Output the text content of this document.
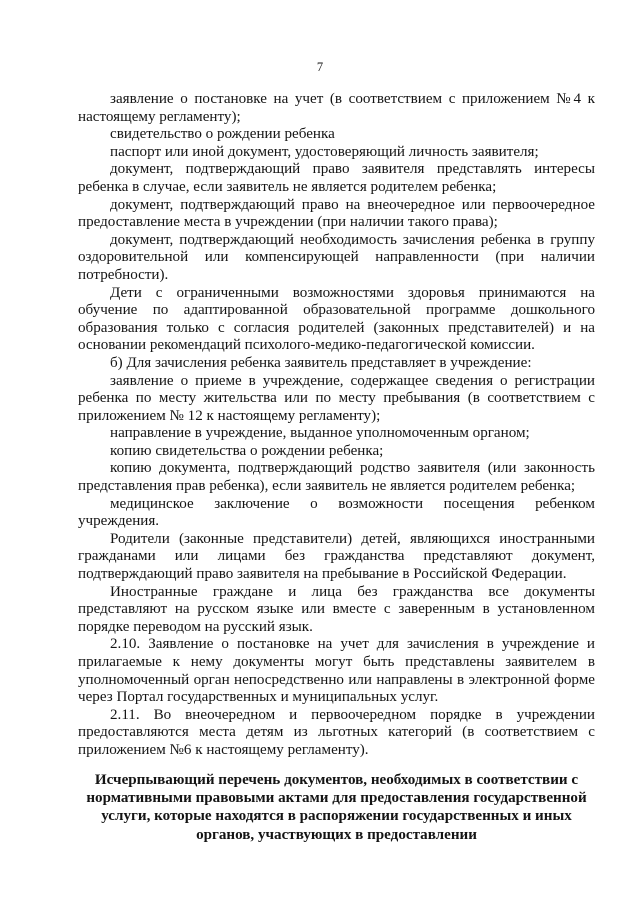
7

заявление о постановке на учет (в соответствием с приложением №4 к настоящему регламенту);

свидетельство о рождении ребенка

паспорт или иной документ, удостоверяющий личность заявителя;

документ, подтверждающий право заявителя представлять интересы ребенка в случае, если заявитель не является родителем ребенка;

документ, подтверждающий право на внеочередное или первоочередное предоставление места в учреждении (при наличии такого права);

документ, подтверждающий необходимость зачисления ребенка в группу оздоровительной или компенсирующей направленности (при наличии потребности).

Дети с ограниченными возможностями здоровья принимаются на обучение по адаптированной образовательной программе дошкольного образования только с согласия родителей (законных представителей) и на основании рекомендаций психолого-медико-педагогической комиссии.

б) Для зачисления ребенка заявитель представляет в учреждение:

заявление о приеме в учреждение, содержащее сведения о регистрации ребенка по месту жительства или по месту пребывания (в соответствием с приложением № 12 к настоящему регламенту);

направление в учреждение, выданное уполномоченным органом;

копию свидетельства о рождении ребенка;

копию документа, подтверждающий родство заявителя (или законность представления прав ребенка), если заявитель не является родителем ребенка;

медицинское заключение о возможности посещения ребенком учреждения.

Родители (законные представители) детей, являющихся иностранными гражданами или лицами без гражданства представляют документ, подтверждающий право заявителя на пребывание в Российской Федерации.

Иностранные граждане и лица без гражданства все документы представляют на русском языке или вместе с заверенным в установленном порядке переводом на русский язык.

2.10. Заявление о постановке на учет для зачисления в учреждение и прилагаемые к нему документы могут быть представлены заявителем в уполномоченный орган непосредственно или направлены в электронной форме через Портал государственных и муниципальных услуг.

2.11. Во внеочередном и первоочередном порядке в учреждении предоставляются места детям из льготных категорий (в соответствием с приложением №6 к настоящему регламенту).

Исчерпывающий перечень документов, необходимых в соответствии с нормативными правовыми актами для предоставления государственной услуги, которые находятся в распоряжении государственных и иных органов, участвующих в предоставлении
